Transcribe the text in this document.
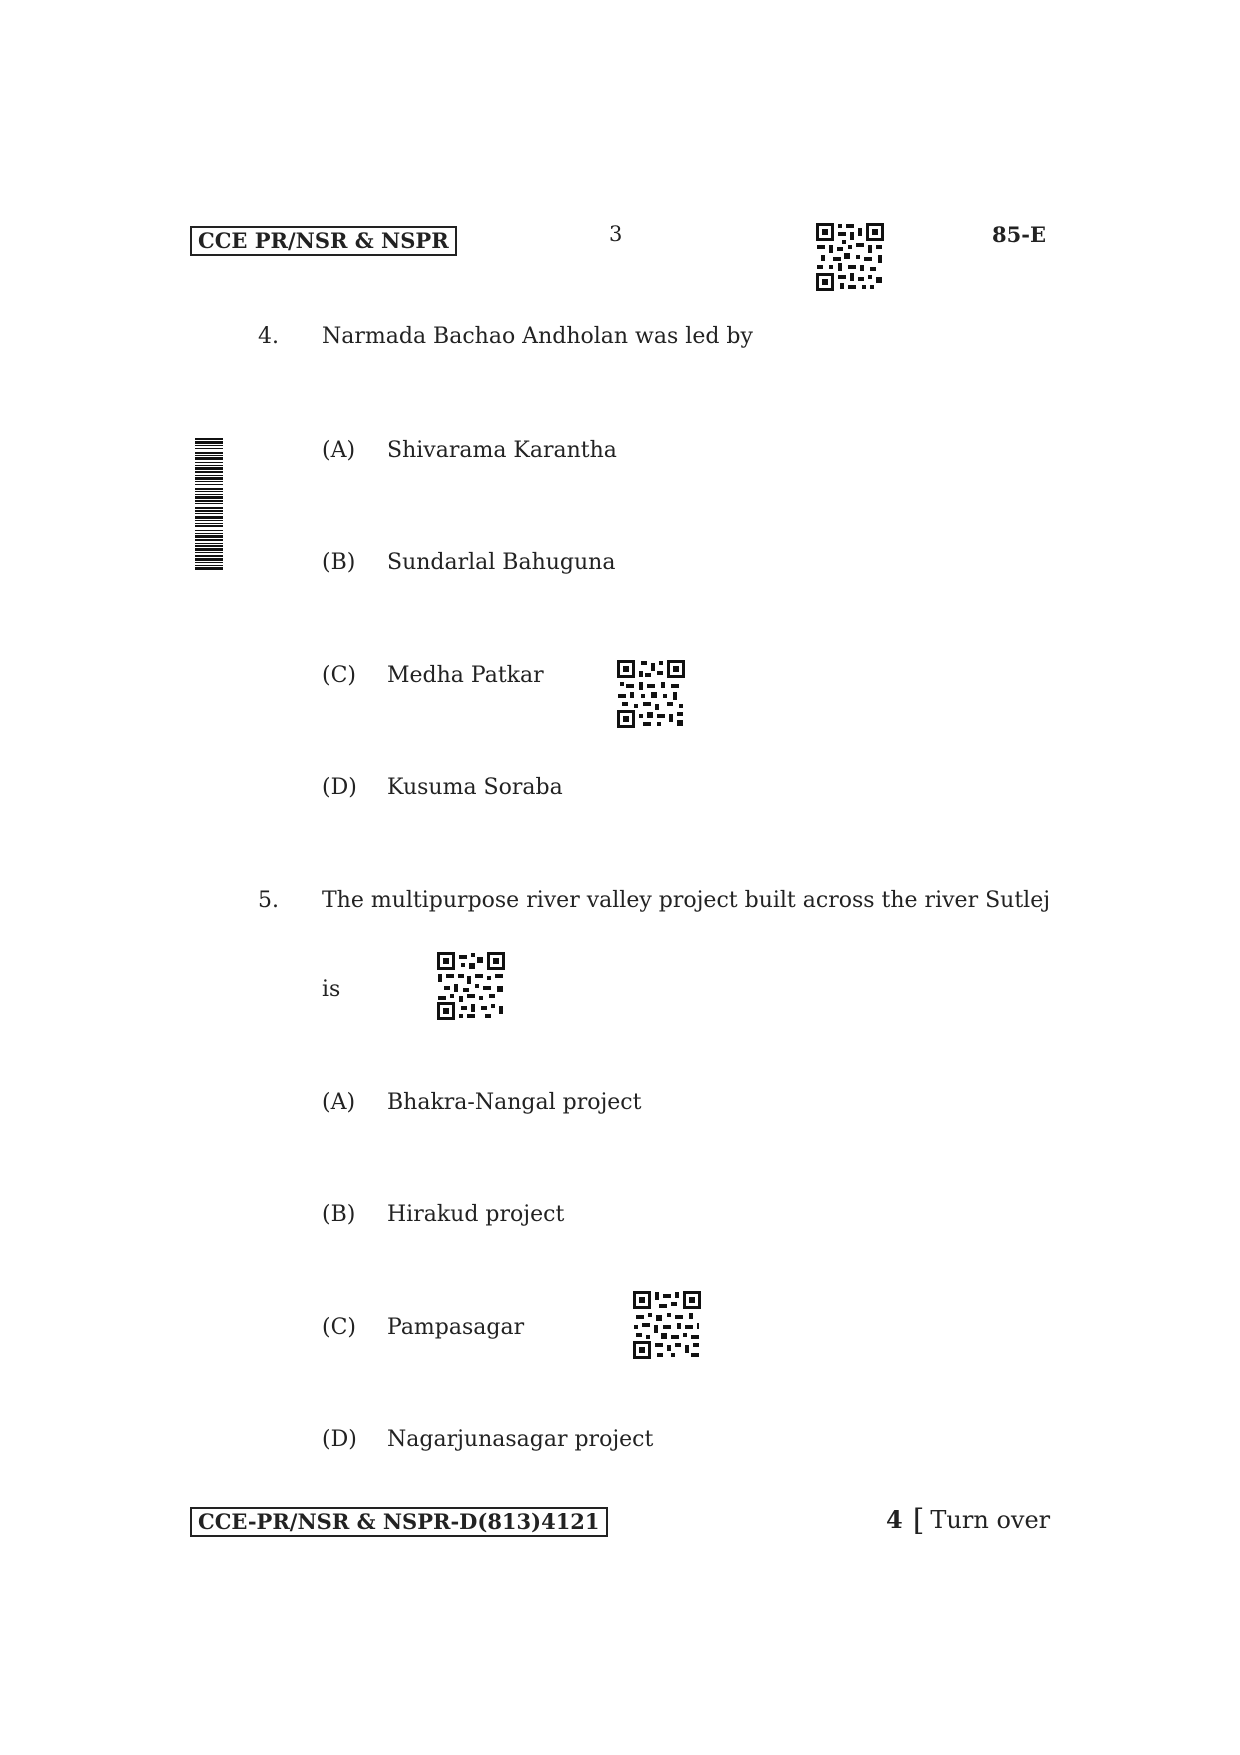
CCE PR/NSR & NSPR	3	85-E
4. Narmada Bachao Andholan was led by
(A) Shivarama Karantha
(B) Sundarlal Bahuguna
(C) Medha Patkar
(D) Kusuma Soraba
5. The multipurpose river valley project built across the river Sutlej
is
(A) Bhakra-Nangal project
(B) Hirakud project
(C) Pampasagar
(D) Nagarjunasagar project
CCE-PR/NSR & NSPR-D(813)4121	4 [ Turn over
